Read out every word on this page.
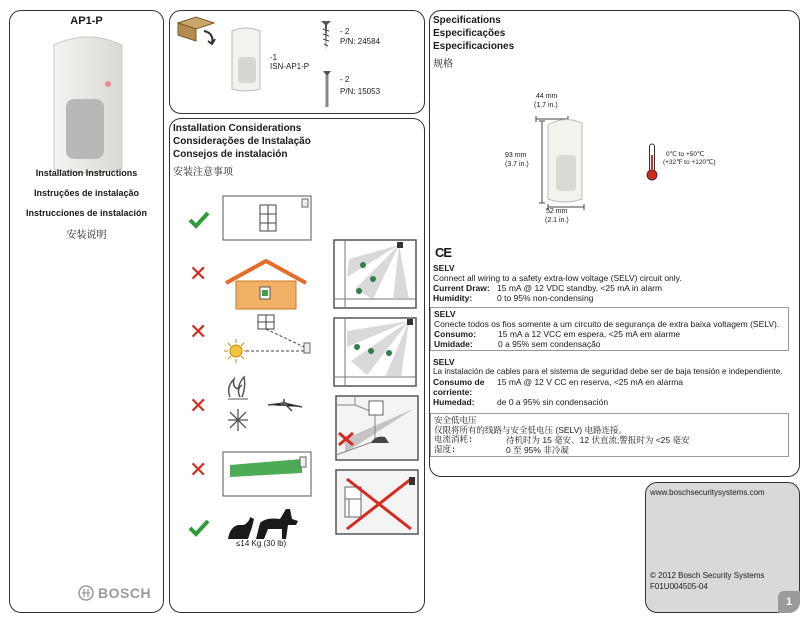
AP1-P
Installation Instructions
Instruções de instalação
Instrucciones de instalación
安装说明
BOSCH
-1
ISN-AP1-P
- 2
P/N: 24584
- 2
P/N: 15053
Installation Considerations
Considerações de Instalação
Consejos de instalación
安装注意事项
✕
✕
✕
✕
≤14 Kg (30 lb)
Specifications
Especificações
Especificaciones
规格
44 mm
(1.7 in.)
93 mm
(3.7 in.)
52 mm
(2.1 in.)
0℃ to +50℃
(+32℉ to +120℃)
CE
SELV
Connect all wiring to a safety extra-low voltage (SELV) circuit only.
Current Draw: 15 mA @ 12 VDC standby, <25 mA in alarm
Humidity:	0 to 95% non-condensing
SELV
Conecte todos os fios somente a um circuito de segurança de extra baixa voltagem (SELV).
Consumo:	15 mA a 12 VCC em espera, <25 mA em alarme
Umidade:	0 a 95% sem condensação
SELV
La instalación de cables para el sistema de seguridad debe ser de baja tensión e independiente.
Consumo de
corriente:
15 mA @ 12 V CC en reserva, <25 mA en alarma
Humedad:	de 0 a 95% sin condensación
安全低电压
仅限将所有的线路与安全低电压 (SELV) 电路连接。
电流消耗:	待机时为 15 毫安、12 伏直流;警报时为 <25 毫安
湿度:	0 至 95% 非冷凝
www.boschsecuritysystems.com
© 2012 Bosch Security Systems
F01U004505-04
1
